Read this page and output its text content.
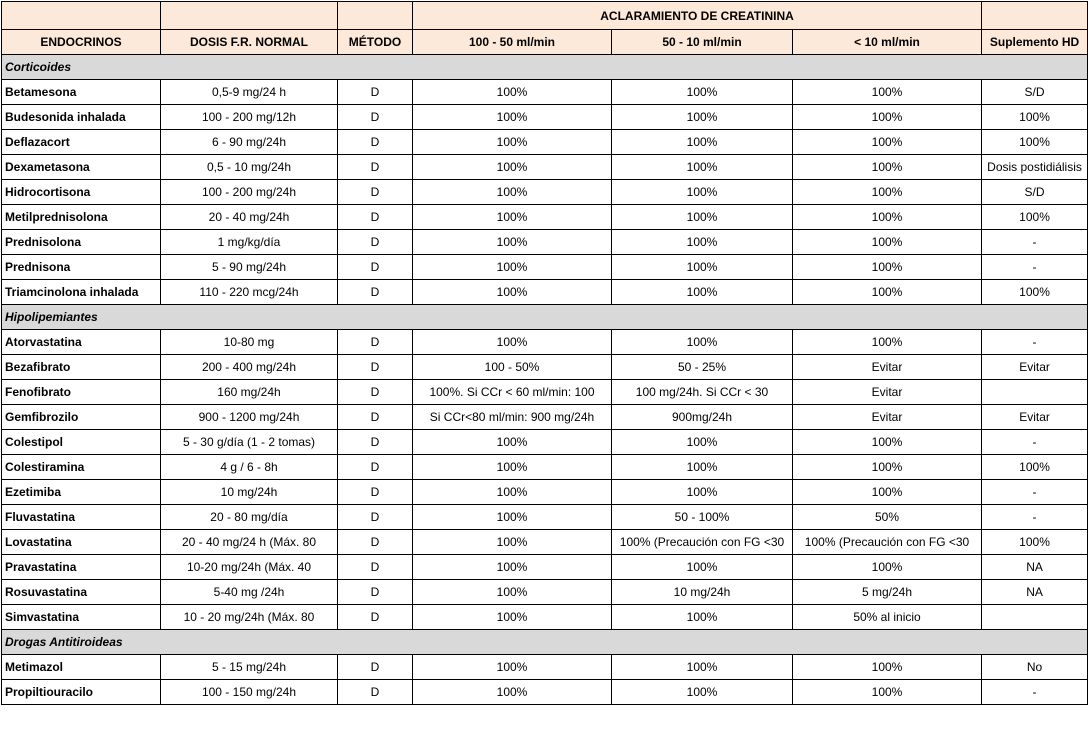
			ACLARAMIENTO DE CREATININA			
ENDOCRINOS	DOSIS F.R. NORMAL	MÉTODO	100 - 50 ml/min	50 - 10 ml/min	< 10 ml/min	Suplemento HD
Corticoides						
Betamesona	0,5-9 mg/24 h	D	100%	100%	100%	S/D
Budesonida inhalada	100 - 200 mg/12h	D	100%	100%	100%	100%
Deflazacort	6 - 90 mg/24h	D	100%	100%	100%	100%
Dexametasona	0,5 - 10 mg/24h	D	100%	100%	100%	Dosis postidiálisis
Hidrocortisona	100 - 200 mg/24h	D	100%	100%	100%	S/D
Metilprednisolona	20 - 40 mg/24h	D	100%	100%	100%	100%
Prednisolona	1 mg/kg/día	D	100%	100%	100%	-
Prednisona	5 - 90 mg/24h	D	100%	100%	100%	-
Triamcinolona inhalada	110 - 220 mcg/24h	D	100%	100%	100%	100%
Hipolipemiantes						
Atorvastatina	10-80 mg	D	100%	100%	100%	-
Bezafibrato	200 - 400 mg/24h	D	100 - 50%	50 - 25%	Evitar	Evitar
Fenofibrato	160 mg/24h	D	100%. Si CCr < 60 ml/min: 100	100 mg/24h. Si CCr < 30	Evitar	
Gemfibrozilo	900 - 1200 mg/24h	D	Si CCr<80 ml/min: 900 mg/24h	900mg/24h	Evitar	Evitar
Colestipol	5 - 30 g/día (1 - 2 tomas)	D	100%	100%	100%	-
Colestiramina	4 g / 6 - 8h	D	100%	100%	100%	100%
Ezetimiba	10 mg/24h	D	100%	100%	100%	-
Fluvastatina	20 - 80 mg/día	D	100%	50 - 100%	50%	-
Lovastatina	20 - 40 mg/24 h (Máx. 80	D	100%	100% (Precaución con FG <30	100% (Precaución con FG <30	100%
Pravastatina	10-20 mg/24h (Máx. 40	D	100%	100%	100%	NA
Rosuvastatina	5-40 mg /24h	D	100%	10 mg/24h	5 mg/24h	NA
Simvastatina	10 - 20 mg/24h (Máx. 80	D	100%	100%	50% al inicio	
Drogas Antitiroideas						
Metimazol	5 - 15 mg/24h	D	100%	100%	100%	No
Propiltiouracilo	100 - 150 mg/24h	D	100%	100%	100%	-
